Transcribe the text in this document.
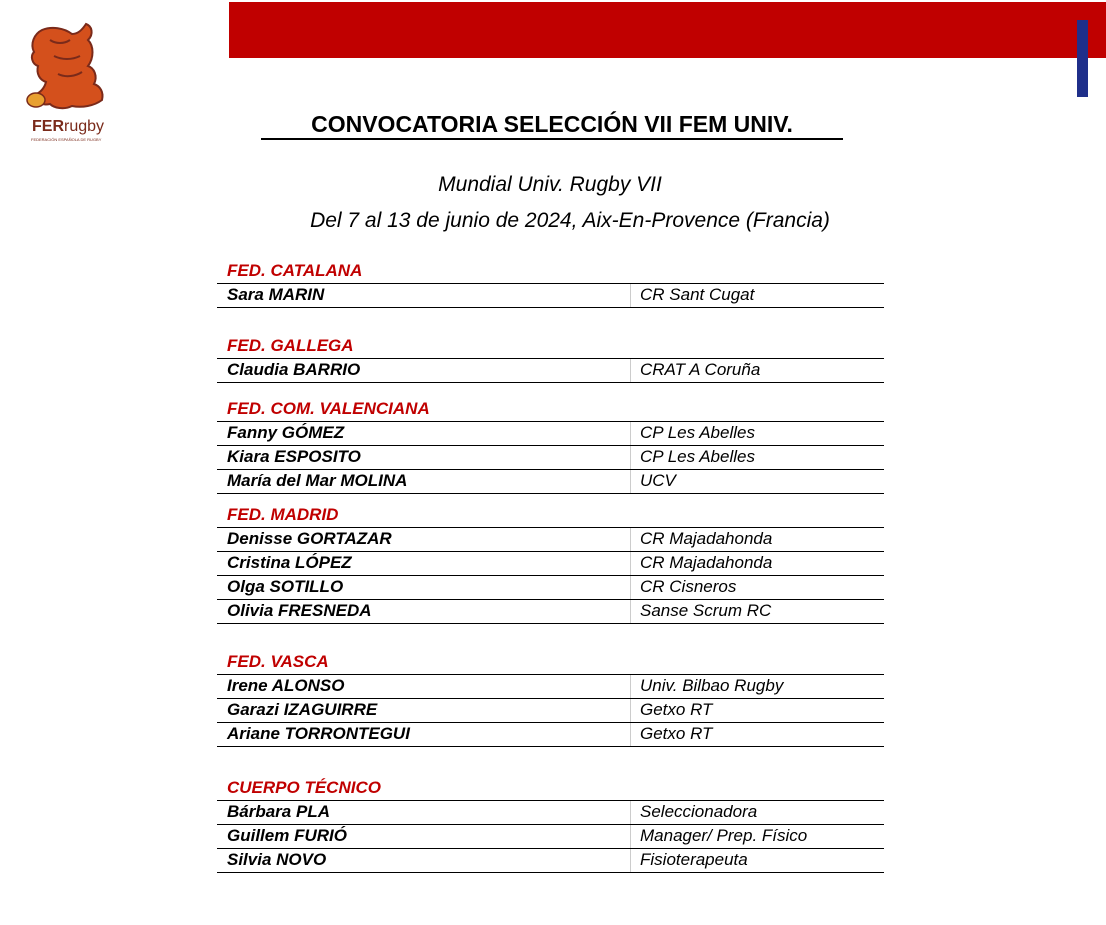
FERrugby
FEDERACIÓN ESPAÑOLA DE RUGBY
CONVOCATORIA SELECCIÓN VII FEM UNIV.
Mundial Univ. Rugby VII
Del 7 al 13 de junio de 2024, Aix-En-Provence (Francia)
FED. CATALANA
Sara MARIN	CR Sant Cugat
FED. GALLEGA
Claudia BARRIO	CRAT A Coruña
FED. COM. VALENCIANA
Fanny GÓMEZ	CP Les Abelles
Kiara ESPOSITO	CP Les Abelles
María del Mar MOLINA	UCV
FED. MADRID
Denisse GORTAZAR	CR Majadahonda
Cristina LÓPEZ	CR Majadahonda
Olga SOTILLO	CR Cisneros
Olivia FRESNEDA	Sanse Scrum RC
FED. VASCA
Irene ALONSO	Univ. Bilbao Rugby
Garazi IZAGUIRRE	Getxo RT
Ariane TORRONTEGUI	Getxo RT
CUERPO TÉCNICO
Bárbara PLA	Seleccionadora
Guillem FURIÓ	Manager/ Prep. Físico
Silvia NOVO	Fisioterapeuta
